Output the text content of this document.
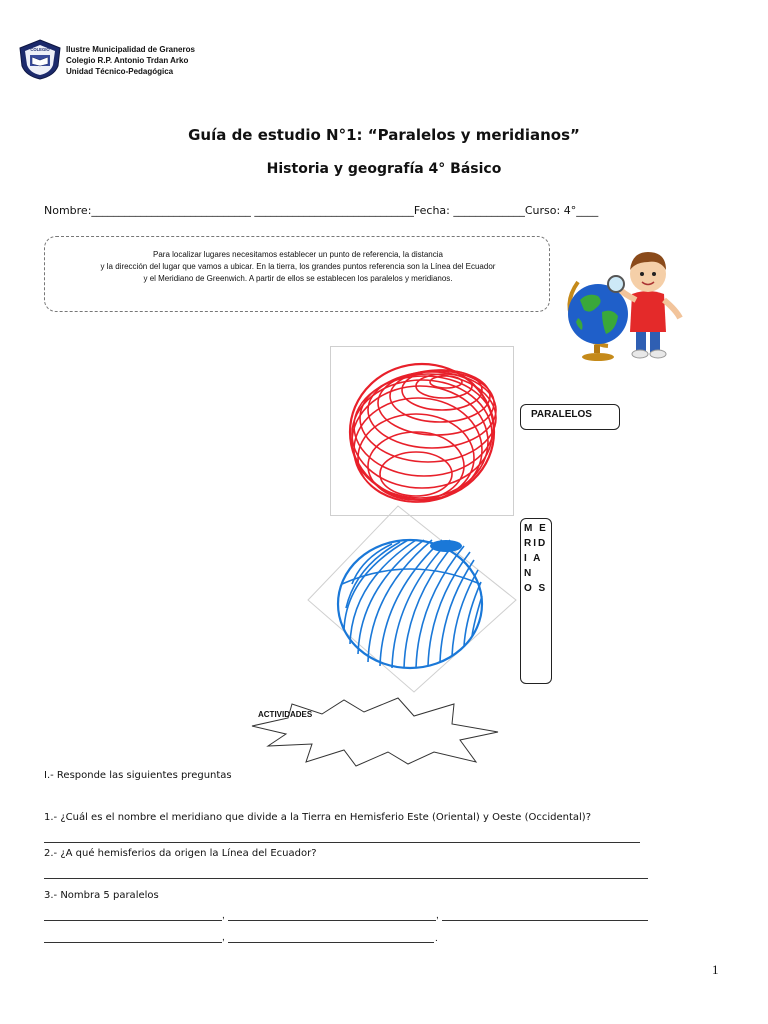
COLEGIO Ilustre Municipalidad de Graneros
Colegio R.P. Antonio Trdan Arko
Unidad Técnico-Pedagógica
Guía de estudio N°1: “Paralelos y meridianos”
Historia y geografía 4° Básico
Nombre:_____________________________ _____________________________Fecha: _____________Curso: 4°____
Para localizar lugares necesitamos establecer un punto de referencia, la distancia
y la dirección del lugar que vamos a ubicar. En la tierra, los grandes puntos referencia son la Línea del Ecuador
y el Meridiano de Greenwich. A partir de ellos se establecen los paralelos y meridianos.
PARALELOS
M E
RID
I A N
O S
ACTIVIDADES
I.- Responde las siguientes preguntas
1.- ¿Cuál es el nombre el meridiano que divide a la Tierra en Hemisferio Este (Oriental) y Oeste (Occidental)?
2.- ¿A qué hemisferios da origen la Línea del Ecuador?
3.- Nombra 5 paralelos
,	,
,	.
1
